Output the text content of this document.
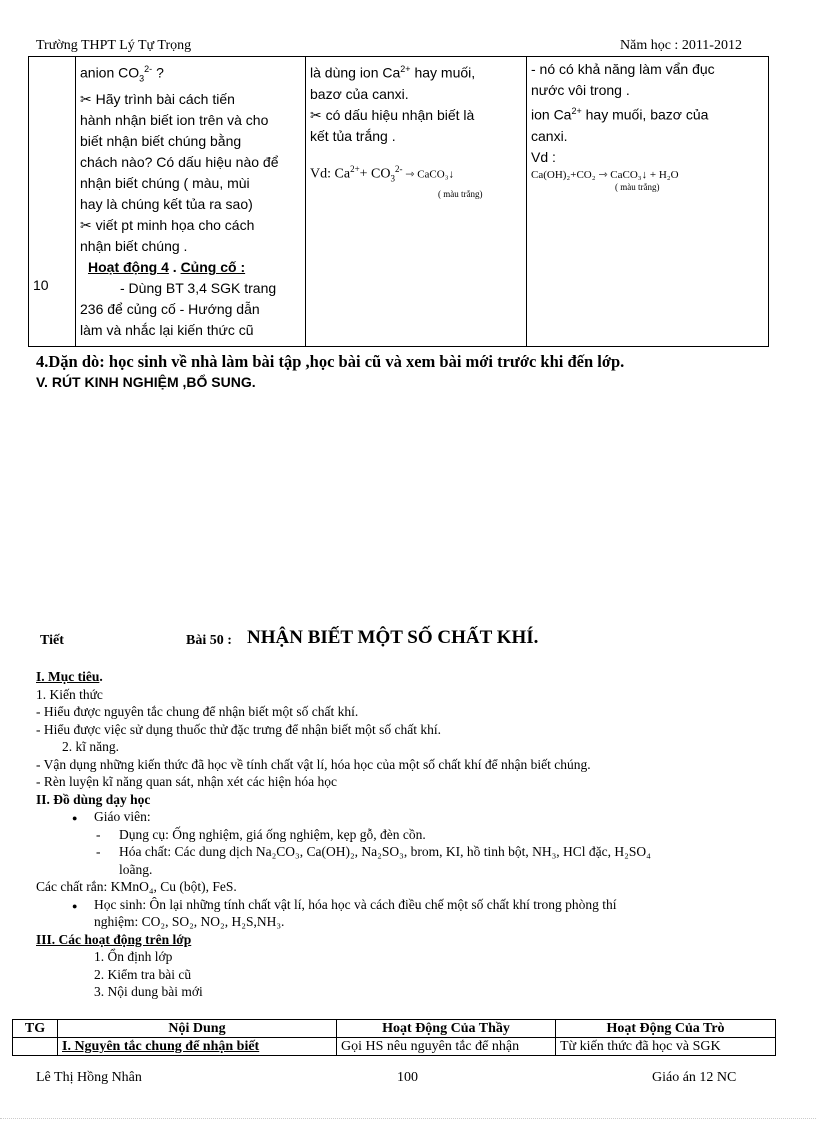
Trường THPT Lý Tự Trọng	Năm học : 2011-2012
10	
anion $CO_3^{2-}$ ?
✂ Hãy trình bài cách tiến
hành nhận biết ion trên và cho
biết nhận biết chúng bằng
chách nào? Có dấu hiệu nào để
nhận biết chúng ( màu, mùi
hay là chúng kết tủa ra sao)
✂ viết pt minh họa cho cách
nhận biết chúng .
Hoạt động 4 . Củng cố :
- Dùng BT 3,4 SGK trang
236 để củng cố - Hướng dẫn
làm và nhắc lại kiến thức cũ

là dùng ion $Ca^{2+}$ hay muối,
bazơ của canxi.
✂ có dấu hiệu nhận biết là
kết tủa trắng .
Vd: $Ca^{2+}+ CO_3^{2-}$ ⇾ CaCO₃↓
( màu trắng)

- nó có khả năng làm vẩn đục
nước vôi trong .
ion $Ca^{2+}$ hay muối, bazơ của
canxi.
Vd :
Ca(OH)₂+CO₂ ⇾ CaCO₃↓ + H₂O
( màu trắng)
4.Dặn dò: học sinh về nhà làm bài tập ,học bài cũ và xem bài mới trước khi đến lớp.
V. RÚT KINH NGHIỆM ,BỔ SUNG.
Tiết	Bài 50 : NHẬN BIẾT MỘT SỐ CHẤT KHÍ.
I. Mục tiêu.
1. Kiến thức
- Hiểu được nguyên tắc chung để nhận biết một số chất khí.
- Hiểu được việc sử dụng thuốc thử đặc trưng để nhận biết một số chất khí.
2. kĩ năng.
- Vận dụng những kiến thức đã học về tính chất vật lí, hóa học của một số chất khí để nhận biết chúng.
- Rèn luyện kĩ năng quan sát, nhận xét các hiện hóa học
II. Đồ dùng dạy học
● Giáo viên:
- Dụng cụ: Ống nghiệm, giá ống nghiệm, kẹp gỗ, đèn cồn.
- Hóa chất: Các dung dịch Na₂CO₃, Ca(OH)₂, Na₂SO₃, brom, KI, hồ tinh bột, NH₃, HCl đặc, H₂SO₄
loãng.
Các chất rắn: KMnO₄, Cu (bột), FeS.
● Học sinh: Ôn lại những tính chất vật lí, hóa học và cách điều chế một số chất khí trong phòng thí
nghiệm: CO₂, SO₂, NO₂, H₂S,NH₃.
III. Các hoạt động trên lớp
1. Ổn định lớp
2. Kiểm tra bài cũ
3. Nội dung bài mới
TG	Nội Dung	Hoạt Động Của Thầy	Hoạt Động Của Trò
	I. Nguyên tắc chung để nhận biết	Gọi HS nêu nguyên tắc để nhận	Từ kiến thức đã học và SGK
Lê Thị Hồng Nhân	100	Giáo án 12 NC
